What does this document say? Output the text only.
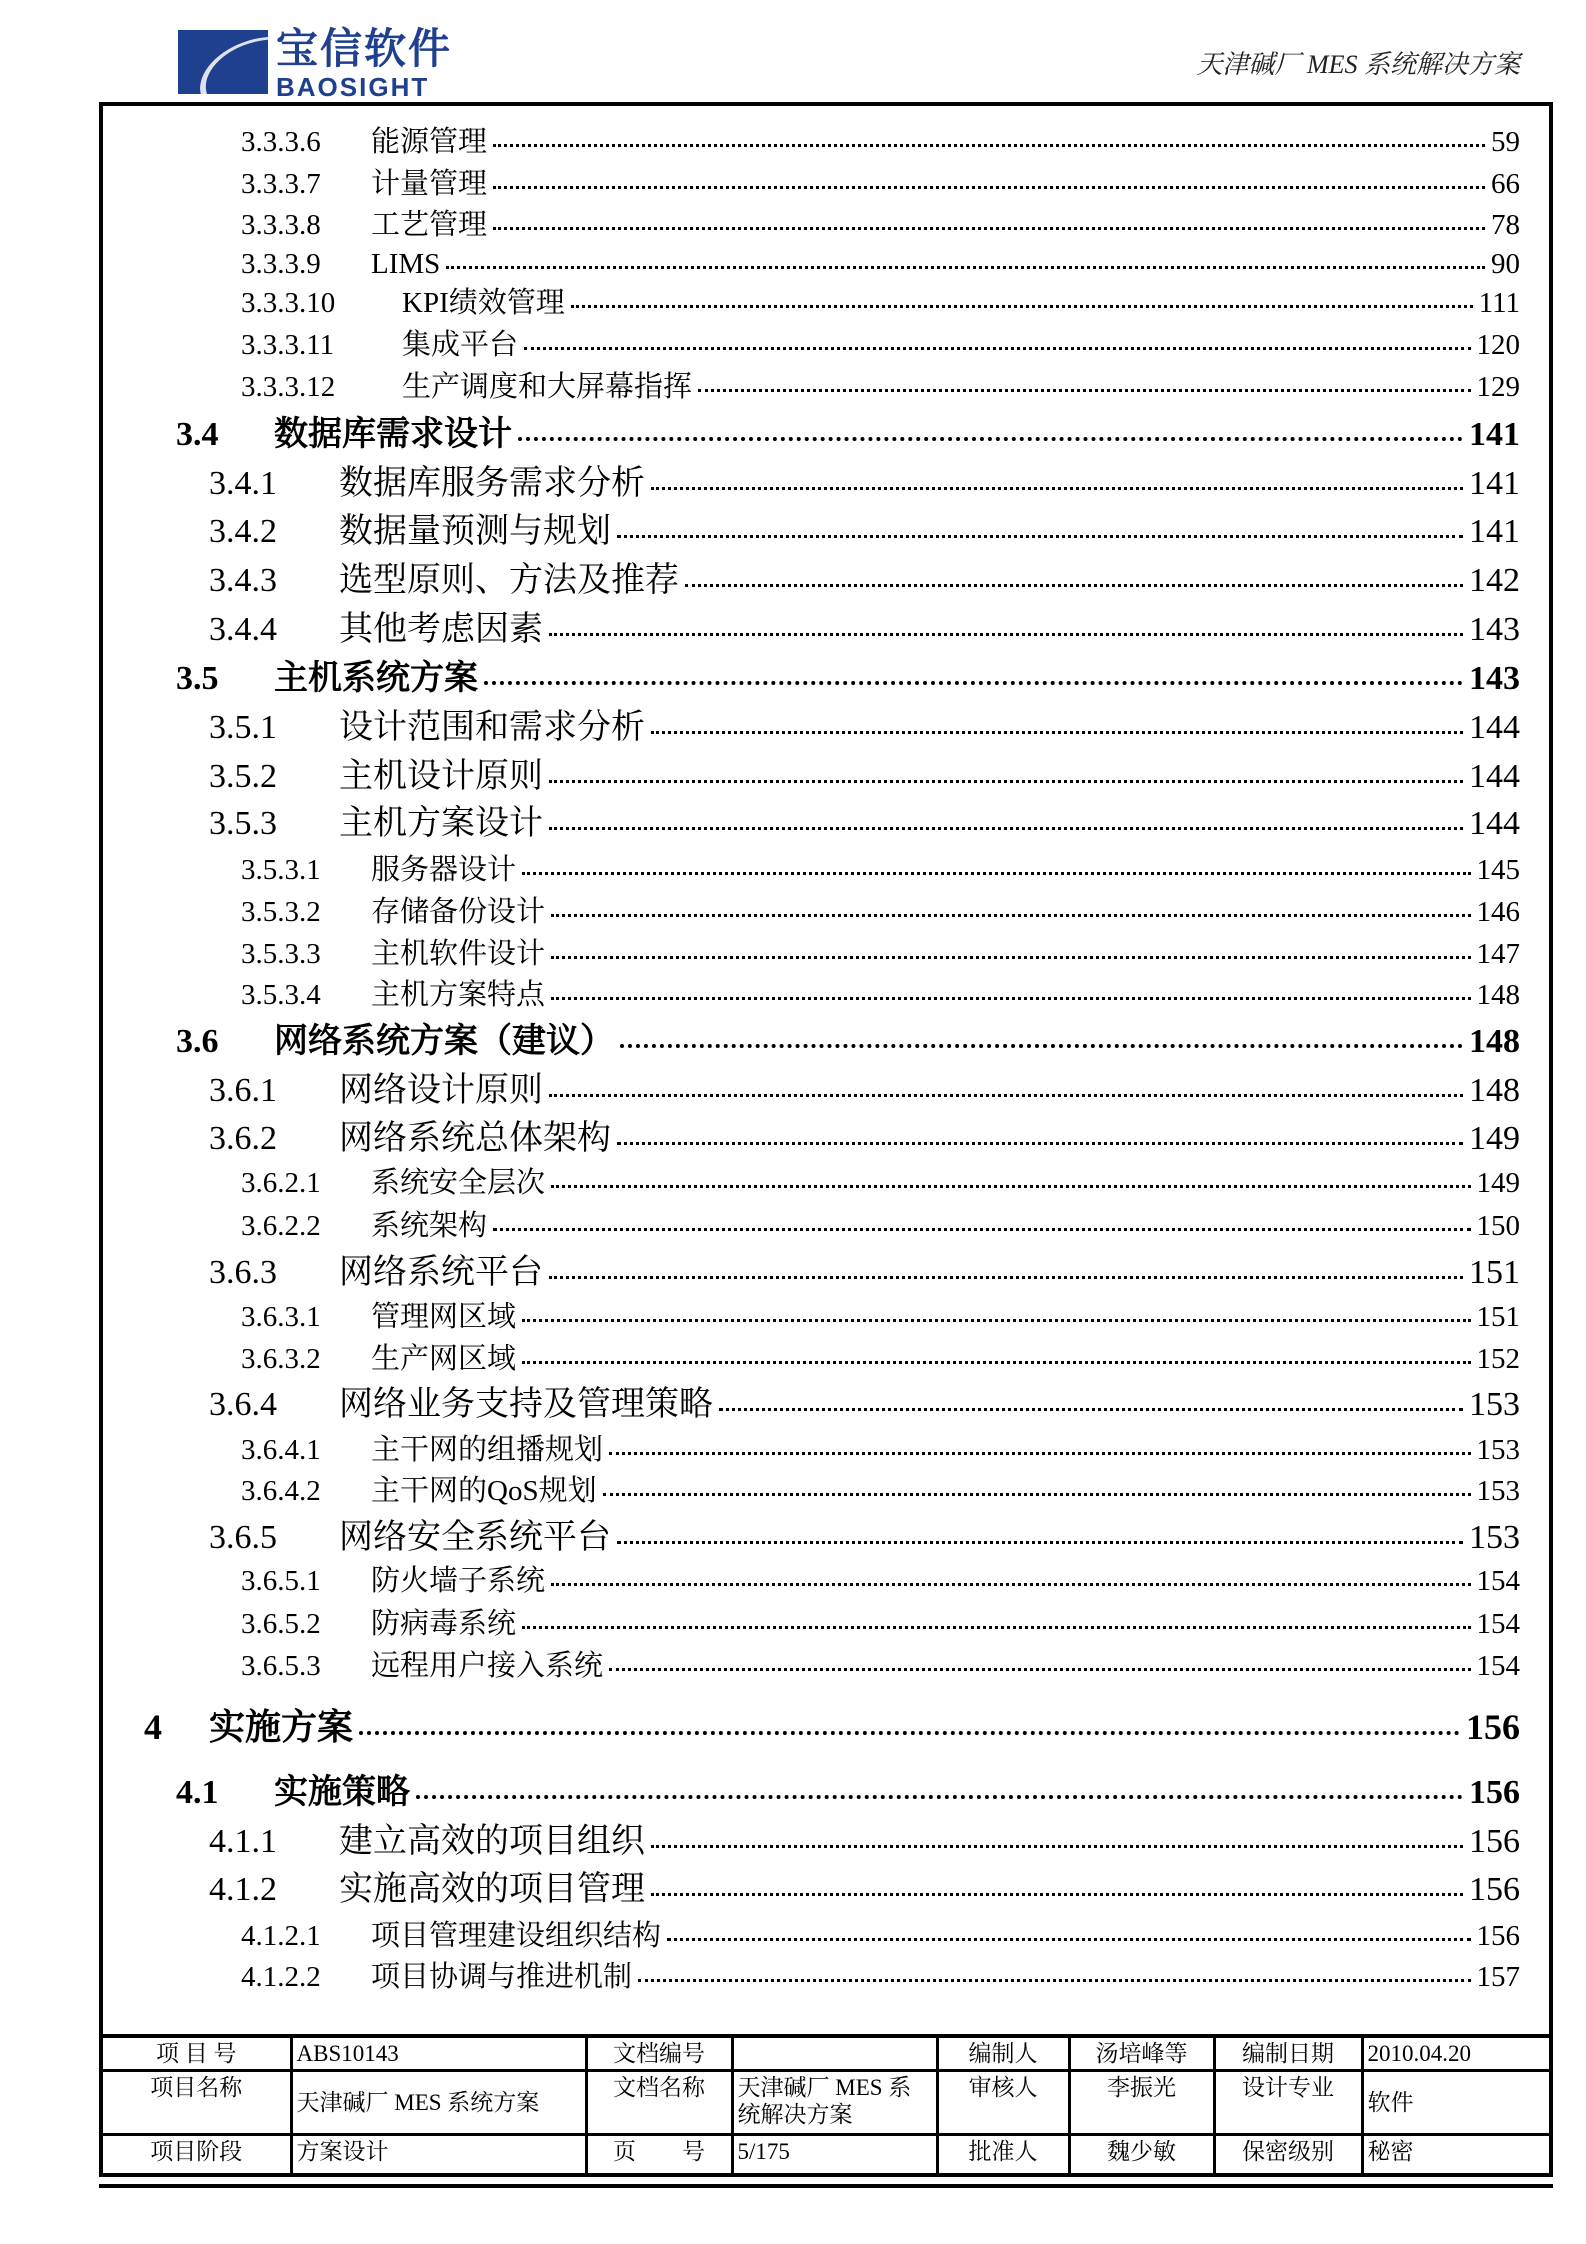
宝信软件
BAOSIGHT
天津碱厂 MES 系统解决方案
3.3.3.6	能源管理	59
3.3.3.7	计量管理	66
3.3.3.8	工艺管理	78
3.3.3.9	LIMS	90
3.3.3.10	KPI绩效管理	111
3.3.3.11	集成平台	120
3.3.3.12	生产调度和大屏幕指挥	129
3.4	数据库需求设计	141
3.4.1	数据库服务需求分析	141
3.4.2	数据量预测与规划	141
3.4.3	选型原则、方法及推荐	142
3.4.4	其他考虑因素	143
3.5	主机系统方案	143
3.5.1	设计范围和需求分析	144
3.5.2	主机设计原则	144
3.5.3	主机方案设计	144
3.5.3.1	服务器设计	145
3.5.3.2	存储备份设计	146
3.5.3.3	主机软件设计	147
3.5.3.4	主机方案特点	148
3.6	网络系统方案（建议）	148
3.6.1	网络设计原则	148
3.6.2	网络系统总体架构	149
3.6.2.1	系统安全层次	149
3.6.2.2	系统架构	150
3.6.3	网络系统平台	151
3.6.3.1	管理网区域	151
3.6.3.2	生产网区域	152
3.6.4	网络业务支持及管理策略	153
3.6.4.1	主干网的组播规划	153
3.6.4.2	主干网的QoS规划	153
3.6.5	网络安全系统平台	153
3.6.5.1	防火墙子系统	154
3.6.5.2	防病毒系统	154
3.6.5.3	远程用户接入系统	154
4	实施方案	156
4.1	实施策略	156
4.1.1	建立高效的项目组织	156
4.1.2	实施高效的项目管理	156
4.1.2.1	项目管理建设组织结构	156
4.1.2.2	项目协调与推进机制	157
项 目 号	ABS10143	文档编号		编制人	汤培峰等	编制日期	2010.04.20
项目名称	天津碱厂 MES 系统方案	文档名称	天津碱厂 MES 系统解决方案	审核人	李振光	设计专业	软件
项目阶段	方案设计	页　　号	5/175	批准人	魏少敏	保密级别	秘密
